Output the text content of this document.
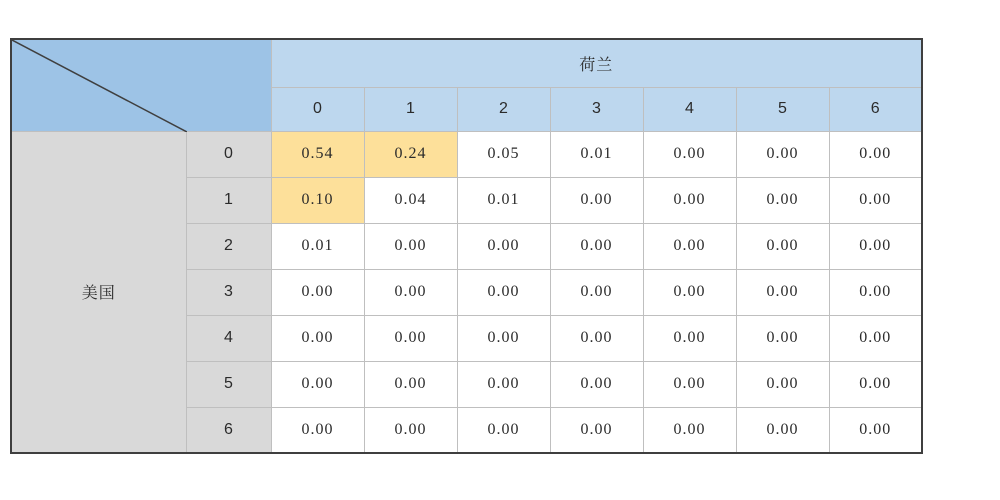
	荷兰						
		0	1	2	3	4	5	6
美国	0	0.54	0.24	0.05	0.01	0.00	0.00	0.00
	1	0.10	0.04	0.01	0.00	0.00	0.00	0.00
	2	0.01	0.00	0.00	0.00	0.00	0.00	0.00
	3	0.00	0.00	0.00	0.00	0.00	0.00	0.00
	4	0.00	0.00	0.00	0.00	0.00	0.00	0.00
	5	0.00	0.00	0.00	0.00	0.00	0.00	0.00
	6	0.00	0.00	0.00	0.00	0.00	0.00	0.00
